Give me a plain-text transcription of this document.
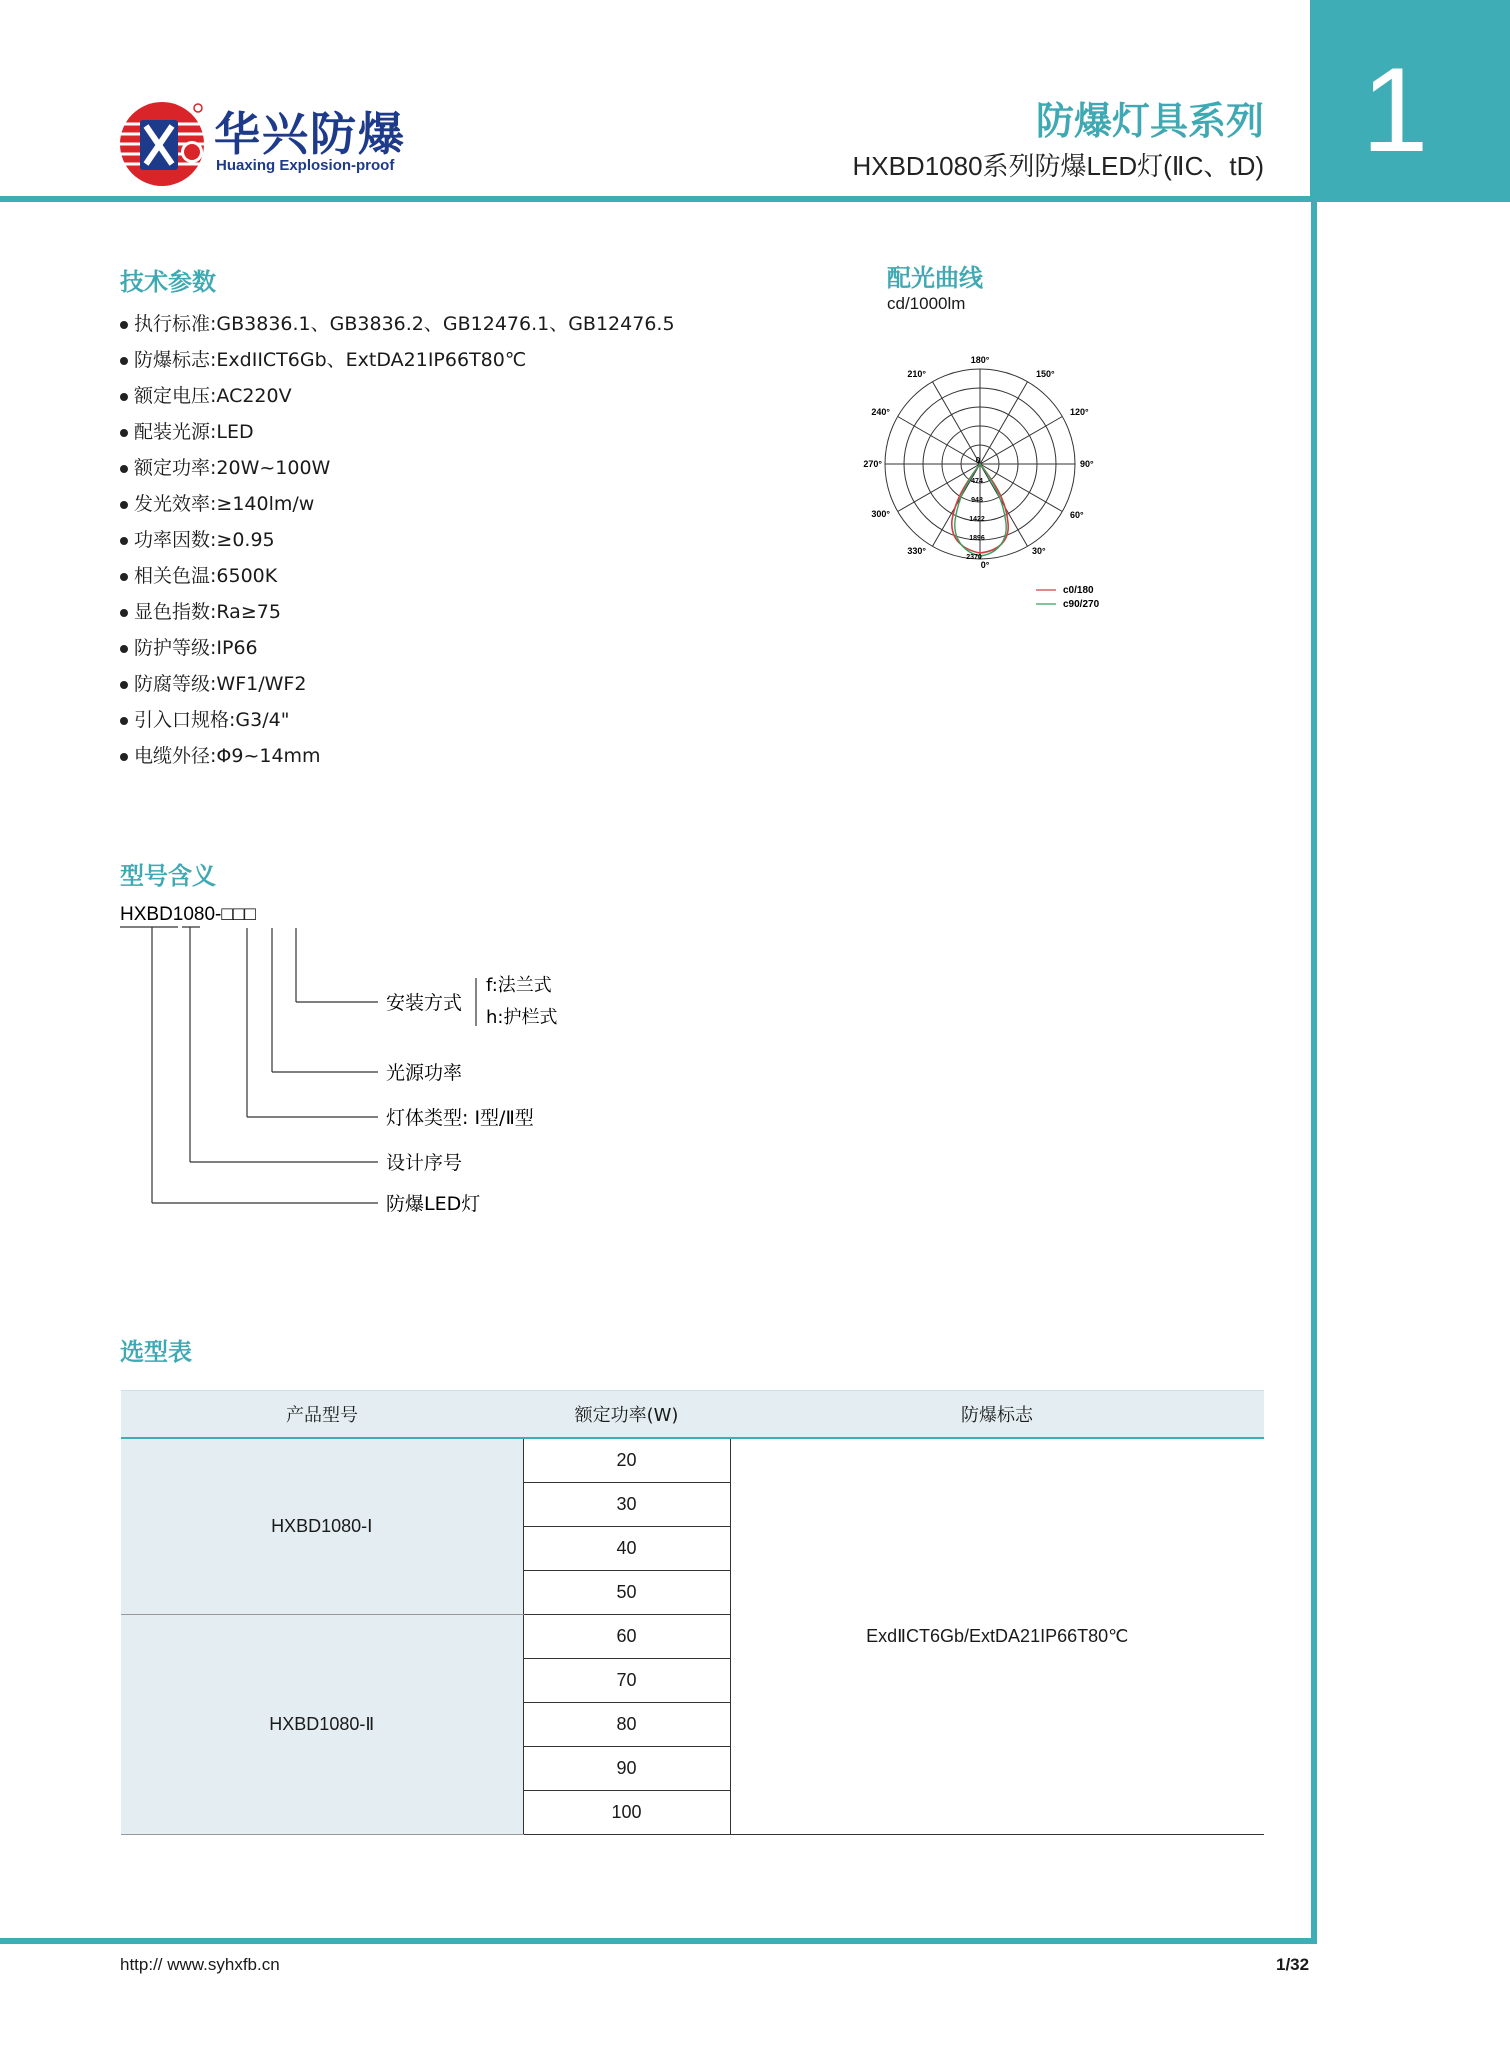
1
华兴防爆
Huaxing Explosion-proof
防爆灯具系列
HXBD1080系列防爆LED灯(ⅡC、tD)
技术参数
执行标准:GB3836.1、GB3836.2、GB12476.1、GB12476.5
防爆标志:ExdIICT6Gb、ExtDA21IP66T80℃
额定电压:AC220V
配装光源:LED
额定功率:20W~100W
发光效率:≥140lm/w
功率因数:≥0.95
相关色温:6500K
显色指数:Ra≥75
防护等级:IP66
防腐等级:WF1/WF2
引入口规格:G3/4"
电缆外径:Φ9~14mm
配光曲线
cd/1000lm
180°
150°
120°
90°
60°
30°
0°
330°
300°
270°
240°
210°
0
474
948
1422
1896
2370
c0/180
c90/270
型号含义
HXBD1080-□□□
安装方式
f:法兰式
h:护栏式
光源功率
灯体类型: Ⅰ型/Ⅱ型
设计序号
防爆LED灯
选型表
产品型号	额定功率(W)	防爆标志
HXBD1080-Ⅰ	20	ExdⅡCT6Gb/ExtDA21IP66T80℃
	30	
	40	
	50	
HXBD1080-Ⅱ	60	
	70	
	80	
	90	
	100	
http:// www.syhxfb.cn	1/32
